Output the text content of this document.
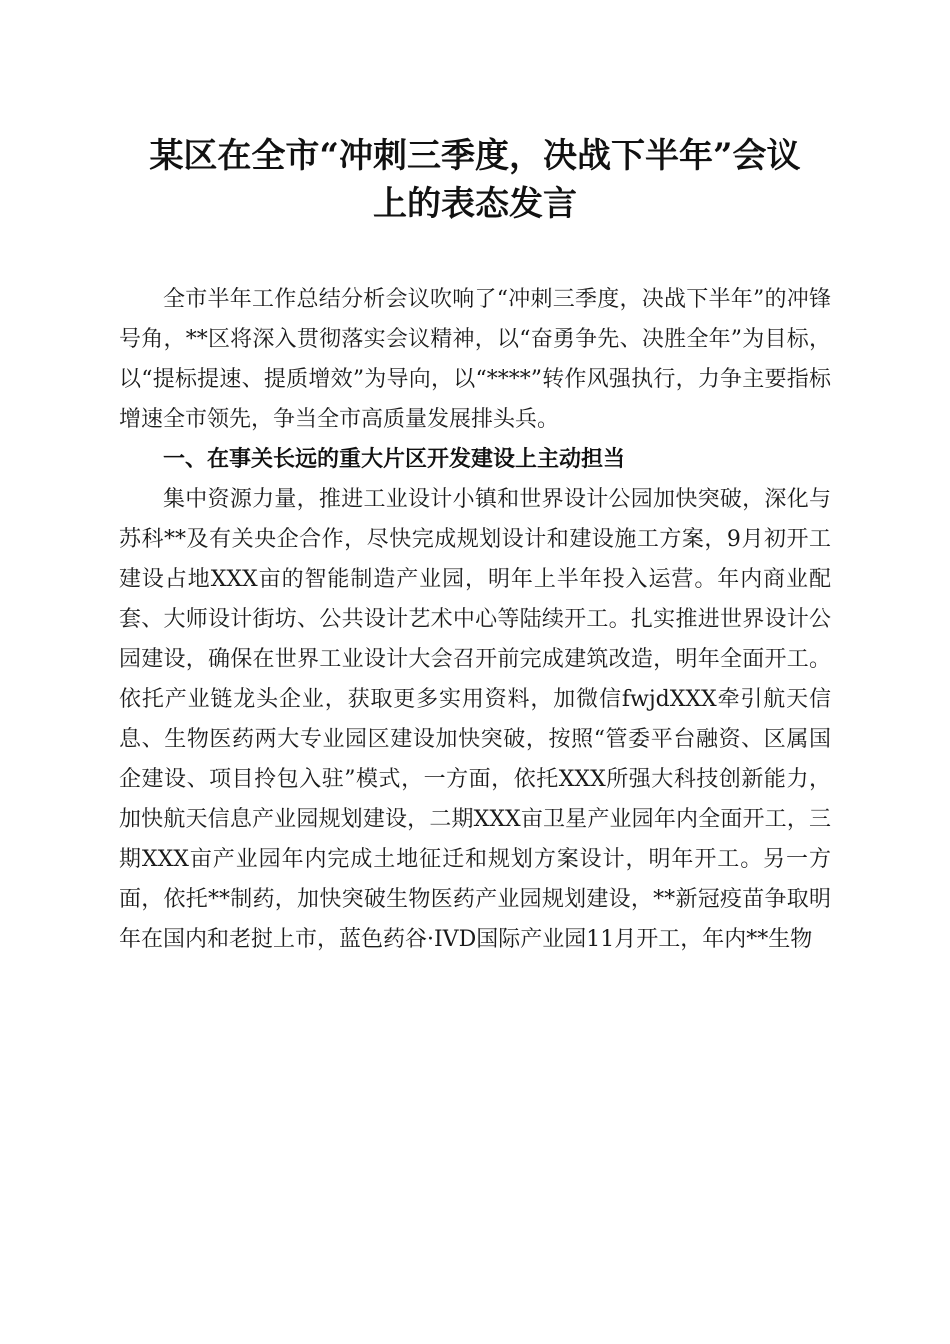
某区在全市“冲刺三季度，决战下半年”会议
上的表态发言

全市半年工作总结分析会议吹响了“冲刺三季度，决战下半年”的冲锋号角，**区将深入贯彻落实会议精神，以“奋勇争先、决胜全年”为目标，以“提标提速、提质增效”为导向，以“****”转作风强执行，力争主要指标增速全市领先，争当全市高质量发展排头兵。

一、在事关长远的重大片区开发建设上主动担当

集中资源力量，推进工业设计小镇和世界设计公园加快突破，深化与苏科**及有关央企合作，尽快完成规划设计和建设施工方案，9月初开工建设占地XXX亩的智能制造产业园，明年上半年投入运营。年内商业配套、大师设计街坊、公共设计艺术中心等陆续开工。扎实推进世界设计公园建设，确保在世界工业设计大会召开前完成建筑改造，明年全面开工。依托产业链龙头企业，获取更多实用资料，加微信fwjdXXX牵引航天信息、生物医药两大专业园区建设加快突破，按照“管委平台融资、区属国企建设、项目拎包入驻”模式，一方面，依托XXX所强大科技创新能力，加快航天信息产业园规划建设，二期XXX亩卫星产业园年内全面开工，三期XXX亩产业园年内完成土地征迁和规划方案设计，明年开工。另一方面，依托**制药，加快突破生物医药产业园规划建设，**新冠疫苗争取明年在国内和老挝上市，蓝色药谷·IVD国际产业园11月开工，年内**生物
